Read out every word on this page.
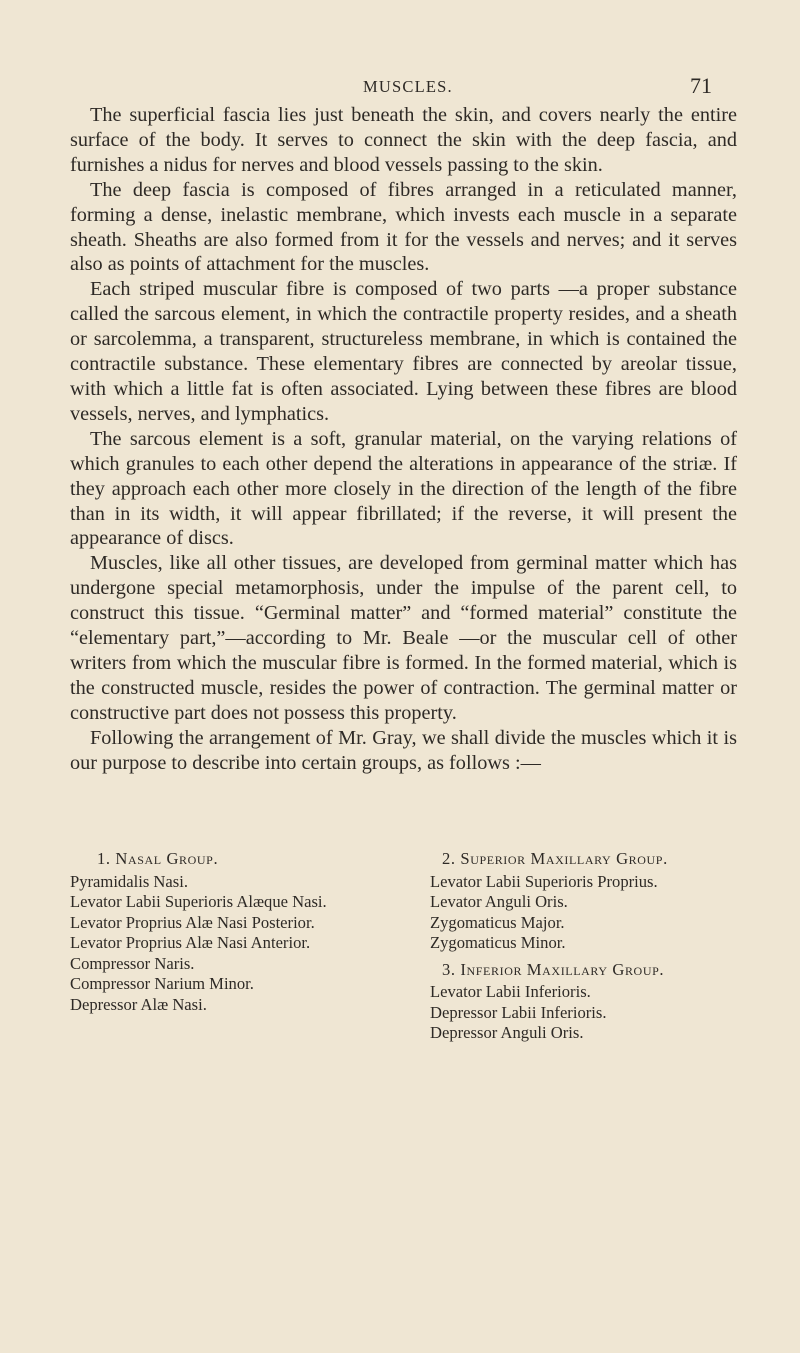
MUSCLES.	71

The superficial fascia lies just beneath the skin, and covers nearly the entire surface of the body. It serves to connect the skin with the deep fascia, and furnishes a nidus for nerves and blood vessels passing to the skin.

The deep fascia is composed of fibres arranged in a reticulated manner, forming a dense, inelastic membrane, which invests each muscle in a separate sheath. Sheaths are also formed from it for the vessels and nerves; and it serves also as points of attachment for the muscles.

Each striped muscular fibre is composed of two parts —a proper substance called the sarcous element, in which the contractile property resides, and a sheath or sarcolemma, a transparent, structureless membrane, in which is contained the contractile substance. These elementary fibres are connected by areolar tissue, with which a little fat is often associated. Lying between these fibres are blood vessels, nerves, and lymphatics.

The sarcous element is a soft, granular material, on the varying relations of which granules to each other depend the alterations in appearance of the striæ. If they approach each other more closely in the direction of the length of the fibre than in its width, it will appear fibrillated; if the reverse, it will present the appearance of discs.

Muscles, like all other tissues, are developed from germinal matter which has undergone special metamorphosis, under the impulse of the parent cell, to construct this tissue. “Germinal matter” and “formed material” constitute the “elementary part,”—according to Mr. Beale —or the muscular cell of other writers from which the muscular fibre is formed. In the formed material, which is the constructed muscle, resides the power of contraction. The germinal matter or constructive part does not possess this property.

Following the arrangement of Mr. Gray, we shall divide the muscles which it is our purpose to describe into certain groups, as follows :—

1. Nasal Group.
Pyramidalis Nasi.
Levator Labii Superioris Alæque Nasi.
Levator Proprius Alæ Nasi Posterior.
Levator Proprius Alæ Nasi Anterior.
Compressor Naris.
Compressor Narium Minor.
Depressor Alæ Nasi.
2. Superior Maxillary Group.
Levator Labii Superioris Proprius.
Levator Anguli Oris.
Zygomaticus Major.
Zygomaticus Minor.
3. Inferior Maxillary Group.
Levator Labii Inferioris.
Depressor Labii Inferioris.
Depressor Anguli Oris.
